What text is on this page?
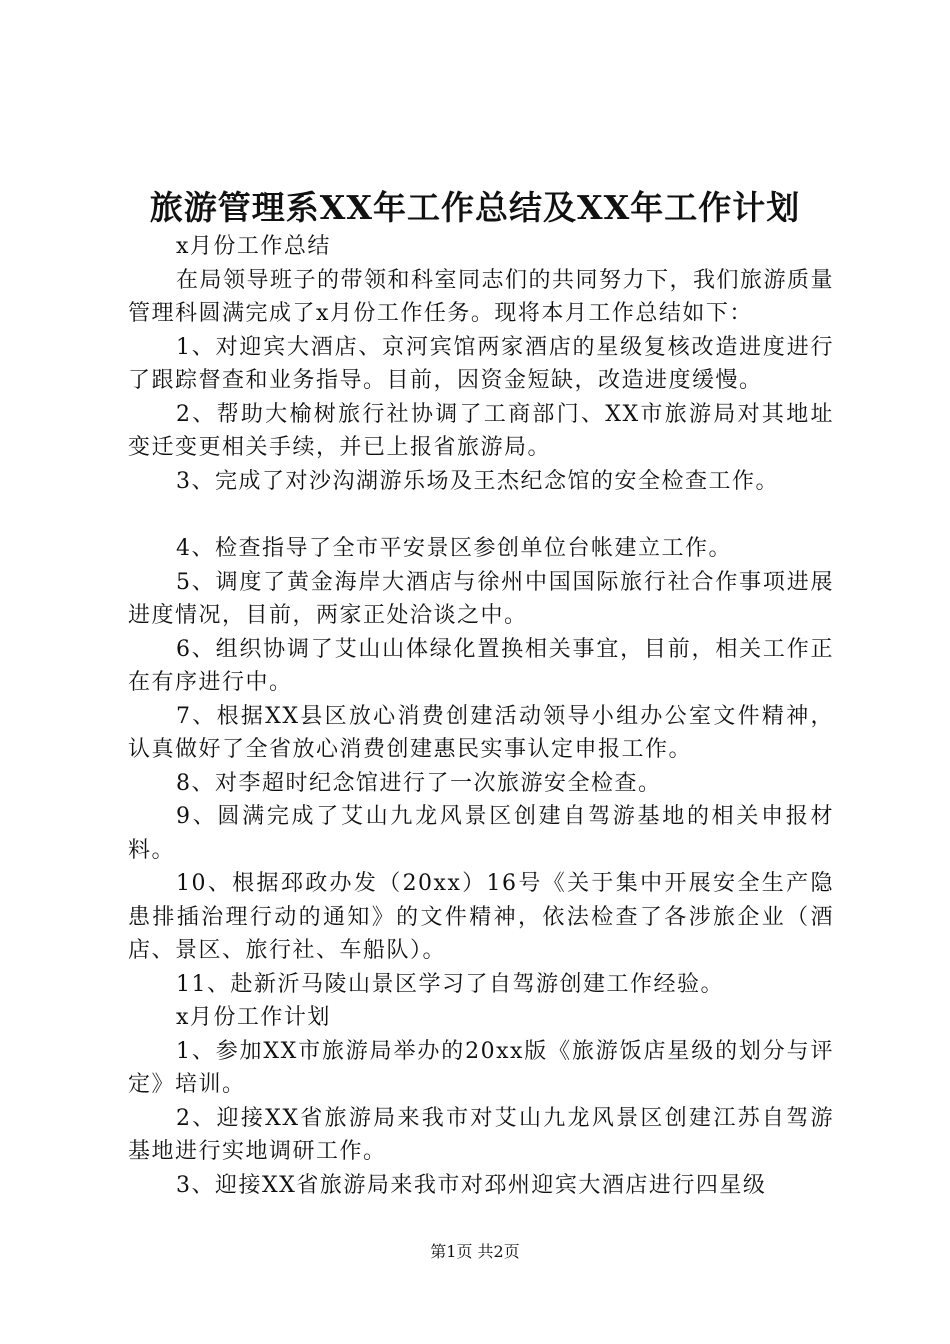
旅游管理系XX年工作总结及XX年工作计划

x月份工作总结

在局领导班子的带领和科室同志们的共同努力下，我们旅游质量管理科圆满完成了x月份工作任务。现将本月工作总结如下：

1、对迎宾大酒店、京河宾馆两家酒店的星级复核改造进度进行了跟踪督查和业务指导。目前，因资金短缺，改造进度缓慢。

2、帮助大榆树旅行社协调了工商部门、XX市旅游局对其地址变迁变更相关手续，并已上报省旅游局。

3、完成了对沙沟湖游乐场及王杰纪念馆的安全检查工作。

4、检查指导了全市平安景区参创单位台帐建立工作。

5、调度了黄金海岸大酒店与徐州中国国际旅行社合作事项进展进度情况，目前，两家正处洽谈之中。

6、组织协调了艾山山体绿化置换相关事宜，目前，相关工作正在有序进行中。

7、根据XX县区放心消费创建活动领导小组办公室文件精神，认真做好了全省放心消费创建惠民实事认定申报工作。

8、对李超时纪念馆进行了一次旅游安全检查。

9、圆满完成了艾山九龙风景区创建自驾游基地的相关申报材料。

10、根据邳政办发（20xx）16号《关于集中开展安全生产隐患排插治理行动的通知》的文件精神，依法检查了各涉旅企业（酒店、景区、旅行社、车船队）。

11、赴新沂马陵山景区学习了自驾游创建工作经验。

x月份工作计划

1、参加XX市旅游局举办的20xx版《旅游饭店星级的划分与评定》培训。

2、迎接XX省旅游局来我市对艾山九龙风景区创建江苏自驾游基地进行实地调研工作。

3、迎接XX省旅游局来我市对邳州迎宾大酒店进行四星级

第1页 共2页
